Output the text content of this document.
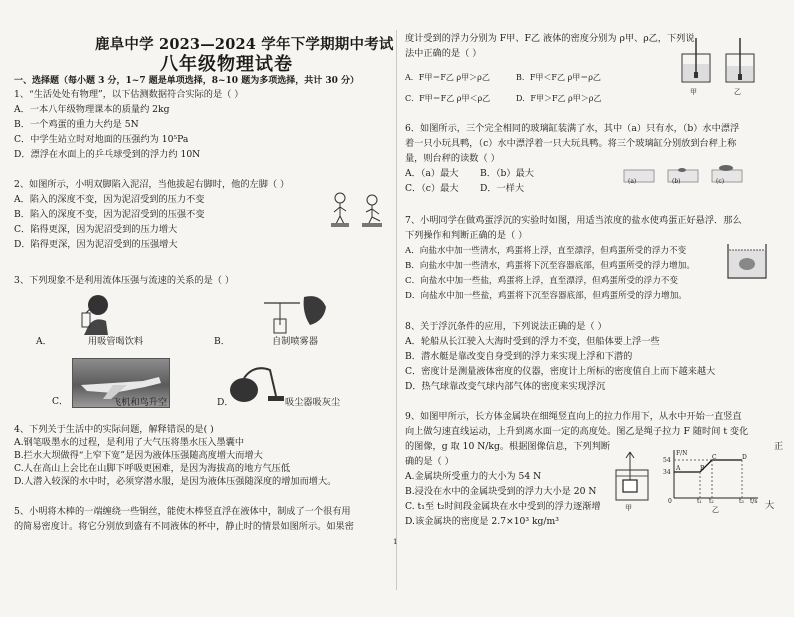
鹿阜中学 2023—2024 学年下学期期中考试
八年级物理试卷
1
一、选择题（每小题 3 分，1~7 题是单项选择，8~10 题为多项选择，共计 30 分）
1、“生活处处有物理”，以下估测数据符合实际的是（ ）
A．一本八年级物理课本的质量约 2kg
B．一个鸡蛋的重力大约是 5N
C．中学生站立时对地面的压强约为 10⁵Pa
D．漂浮在水面上的乒乓球受到的浮力约 10N
2、如图所示，小明双脚陷入泥沼，当他拔起右脚时，他的左脚（ ）
A．陷入的深度不变，因为泥沼受到的压力不变
B．陷入的深度不变，因为泥沼受到的压强不变
C．陷得更深，因为泥沼受到的压力增大
D．陷得更深，因为泥沼受到的压强增大
3、下列现象不是利用流体压强与流速的关系的是（ ）
A．	用吸管喝饮料	B．	自制喷雾器
C．	飞机和鸟升空	D．	吸尘器吸灰尘
4、下列关于生活中的实际问题，解释错误的是( )
A.钢笔吸墨水的过程，是利用了大气压将墨水压入墨囊中
B.拦水大坝做得“上窄下宽”是因为液体压强随高度增大而增大
C.人在高山上会比在山脚下呼吸更困难，是因为海拔高的地方气压低
D.人潜入较深的水中时，必须穿潜水服，是因为液体压强随深度的增加而增大。
5、小明将木棒的一端缠绕一些铜丝，能使木棒竖直浮在液体中，制成了一个很有用
的简易密度计。将它分别放到盛有不同液体的杯中，静止时的情景如图所示。如果密
度计受到的浮力分别为 F甲、F乙 液体的密度分别为 ρ甲、ρ乙，下列说
法中正确的是（ ）
A．F甲＝F乙 ρ甲＞ρ乙	B．F甲＜F乙 ρ甲＝ρ乙
C．F甲＝F乙 ρ甲＜ρ乙	D．F甲＞F乙 ρ甲＞ρ乙
甲	乙
6．如图所示，三个完全相同的玻璃缸装满了水，其中（a）只有水，（b）水中漂浮
着一只小玩具鸭，（c）水中漂浮着一只大玩具鸭。将三个玻璃缸分别放到台秤上称
量，则台秤的读数（ ）
A．（a）最大 B．（b）最大
C．（c）最大 D．一样大
(a)	(b)	(c)
7、小明同学在做鸡蛋浮沉的实验时如图，用适当浓度的盐水使鸡蛋正好悬浮．那么
下列操作和判断正确的是（ ）
A．向盐水中加一些清水，鸡蛋将上浮，直至漂浮，但鸡蛋所受的浮力不变
B．向盐水中加一些清水，鸡蛋将下沉至容器底部，但鸡蛋所受的浮力增加。
C．向盐水中加一些盐，鸡蛋将上浮，直至漂浮，但鸡蛋所受的浮力不变
D．向盐水中加一些盐，鸡蛋将下沉至容器底部，但鸡蛋所受的浮力增加。
8、关于浮沉条件的应用，下列说法正确的是（ ）
A．轮船从长江驶入大海时受到的浮力不变，但船体要上浮一些
B．潜水艇是靠改变自身受到的浮力来实现上浮和下潜的
C．密度计是测量液体密度的仪器，密度计上所标的密度值自上而下越来越大
D．热气球靠改变气球内部气体的密度来实现浮沉
9、如图甲所示，长方体金属块在细绳竖直向上的拉力作用下，从水中开始一直竖直
向上做匀速直线运动，上升到离水面一定的高度处。图乙是绳子拉力 F 随时间 t 变化
的图像，g 取 10 N/kg。根据图像信息，下列判断
确的是（ ）
正
大
A.金属块所受重力的大小为 54 N
B.浸没在水中的金属块受到的浮力大小是 20 N
C. t₁至 t₂时间段金属块在水中受到的浮力逐渐增
D.该金属块的密度是 2.7×10³ kg/m³
甲
F/N
54
34
0	t₁ t₂	t₃ t/s
A	B
C	D
乙
